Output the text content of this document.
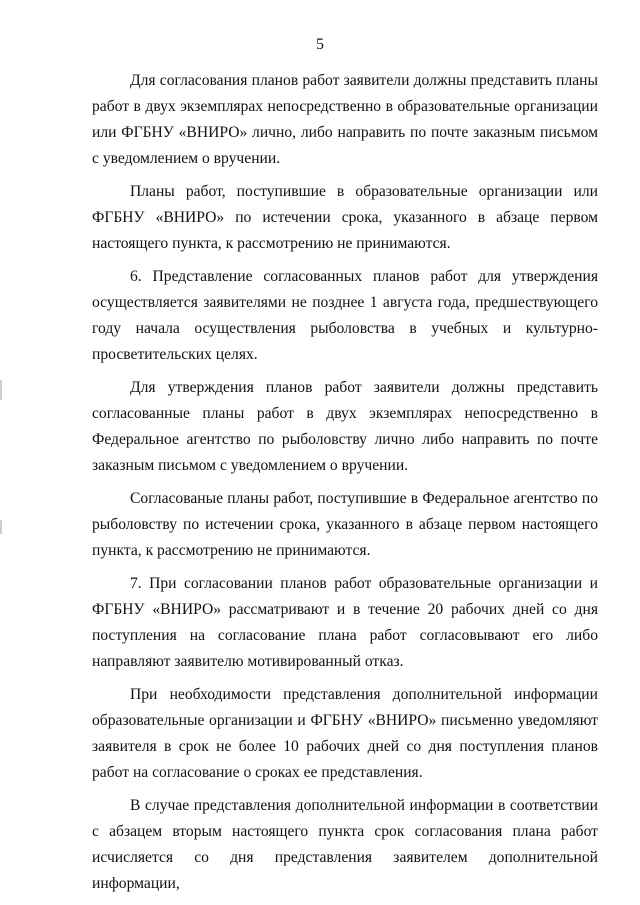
5

Для согласования планов работ заявители должны представить планы работ в двух экземплярах непосредственно в образовательные организации или ФГБНУ «ВНИРО» лично, либо направить по почте заказным письмом с уведомлением о вручении.

Планы работ, поступившие в образовательные организации или ФГБНУ «ВНИРО» по истечении срока, указанного в абзаце первом настоящего пункта, к рассмотрению не принимаются.

6. Представление согласованных планов работ для утверждения осуществляется заявителями не позднее 1 августа года, предшествующего году начала осуществления рыболовства в учебных и культурно-просветительских целях.

Для утверждения планов работ заявители должны представить согласованные планы работ в двух экземплярах непосредственно в Федеральное агентство по рыболовству лично либо направить по почте заказным письмом с уведомлением о вручении.

Согласованые планы работ, поступившие в Федеральное агентство по рыболовству по истечении срока, указанного в абзаце первом настоящего пункта, к рассмотрению не принимаются.

7. При согласовании планов работ образовательные организации и ФГБНУ «ВНИРО» рассматривают и в течение 20 рабочих дней со дня поступления на согласование плана работ согласовывают его либо направляют заявителю мотивированный отказ.

При необходимости представления дополнительной информации образовательные организации и ФГБНУ «ВНИРО» письменно уведомляют заявителя в срок не более 10 рабочих дней со дня поступления планов работ на согласование о сроках ее представления.

В случае представления дополнительной информации в соответствии с абзацем вторым настоящего пункта срок согласования плана работ исчисляется со дня представления заявителем дополнительной информации,
